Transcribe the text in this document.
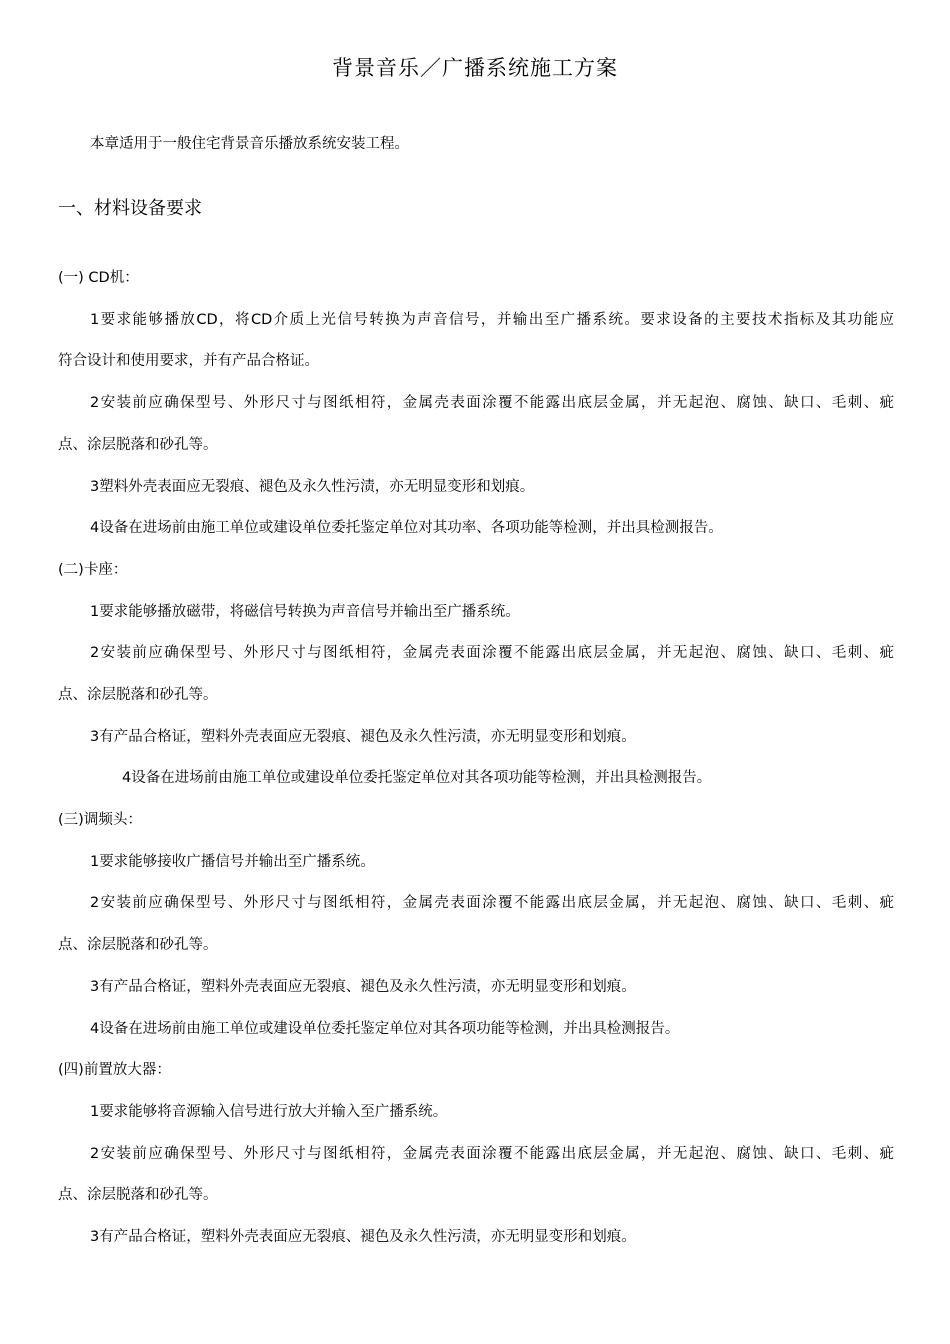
背景音乐／广播系统施工方案
本章适用于一般住宅背景音乐播放系统安装工程。
一、材料设备要求
(一) CD机：
1要求能够播放CD，将CD介质上光信号转换为声音信号，并输出至广播系统。要求设备的主要技术指标及其功能应
符合设计和使用要求，并有产品合格证。
2安装前应确保型号、外形尺寸与图纸相符，金属壳表面涂覆不能露出底层金属，并无起泡、腐蚀、缺口、毛刺、疵
点、涂层脱落和砂孔等。
3塑料外壳表面应无裂痕、褪色及永久性污渍，亦无明显变形和划痕。
4设备在进场前由施工单位或建设单位委托鉴定单位对其功率、各项功能等检测，并出具检测报告。
(二)卡座：
1要求能够播放磁带，将磁信号转换为声音信号并输出至广播系统。
2安装前应确保型号、外形尺寸与图纸相符，金属壳表面涂覆不能露出底层金属，并无起泡、腐蚀、缺口、毛刺、疵
点、涂层脱落和砂孔等。
3有产品合格证，塑料外壳表面应无裂痕、褪色及永久性污渍，亦无明显变形和划痕。
4设备在进场前由施工单位或建设单位委托鉴定单位对其各项功能等检测，并出具检测报告。
(三)调频头：
1要求能够接收广播信号并输出至广播系统。
2安装前应确保型号、外形尺寸与图纸相符，金属壳表面涂覆不能露出底层金属，并无起泡、腐蚀、缺口、毛刺、疵
点、涂层脱落和砂孔等。
3有产品合格证，塑料外壳表面应无裂痕、褪色及永久性污渍，亦无明显变形和划痕。
4设备在进场前由施工单位或建设单位委托鉴定单位对其各项功能等检测，并出具检测报告。
(四)前置放大器：
1要求能够将音源输入信号进行放大并输入至广播系统。
2安装前应确保型号、外形尺寸与图纸相符，金属壳表面涂覆不能露出底层金属，并无起泡、腐蚀、缺口、毛刺、疵
点、涂层脱落和砂孔等。
3有产品合格证，塑料外壳表面应无裂痕、褪色及永久性污渍，亦无明显变形和划痕。
